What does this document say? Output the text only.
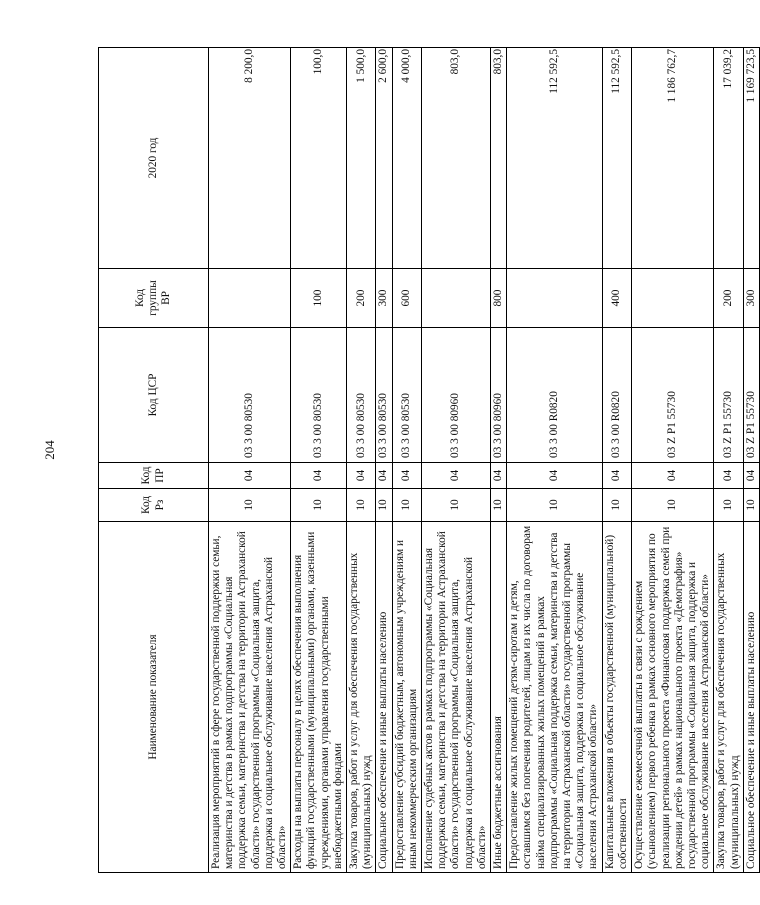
204
Наименование показателя	Код Рз	Код ПР	Код ЦСР	Код группы ВР	2020 год
Реализация мероприятий в сфере государственной поддержки семьи, материнства и детства в рамках подпрограммы «Социальная поддержка семьи, материнства и детства на территории Астраханской области» государственной программы «Социальная защита, поддержка и социальное обслуживание населения Астраханской области»	10	04	03 3 00 80530		8 200,0
Расходы на выплаты персоналу в целях обеспечения выполнения функций государственными (муниципальными) органами, казенными учреждениями, органами управления государственными внебюджетными фондами	10	04	03 3 00 80530	100	100,0
Закупка товаров, работ и услуг для обеспечения государственных (муниципальных) нужд	10	04	03 3 00 80530	200	1 500,0
Социальное обеспечение и иные выплаты населению	10	04	03 3 00 80530	300	2 600,0
Предоставление субсидий бюджетным, автономным учреждениям и иным некоммерческим организациям	10	04	03 3 00 80530	600	4 000,0
Исполнение судебных актов в рамках подпрограммы «Социальная поддержка семьи, материнства и детства на территории Астраханской области» государственной программы «Социальная защита, поддержка и социальное обслуживание населения Астраханской области»	10	04	03 3 00 80960		803,0
Иные бюджетные ассигнования	10	04	03 3 00 80960	800	803,0
Предоставление жилых помещений детям-сиротам и детям, оставшимся без попечения родителей, лицам из их числа по договорам найма специализированных жилых помещений в рамках подпрограммы «Социальная поддержка семьи, материнства и детства на территории Астраханской области» государственной программы «Социальная защита, поддержка и социальное обслуживание населения Астраханской области»	10	04	03 3 00 R0820		112 592,5
Капитальные вложения в объекты государственной (муниципальной) собственности	10	04	03 3 00 R0820	400	112 592,5
Осуществление ежемесячной выплаты в связи с рождением (усыновлением) первого ребенка в рамках основного мероприятия по реализации регионального проекта «Финансовая поддержка семей при рождении детей» в рамках национального проекта «Демография» государственной программы «Социальная защита, поддержка и социальное обслуживание населения Астраханской области»	10	04	03 Z P1 55730		1 186 762,7
Закупка товаров, работ и услуг для обеспечения государственных (муниципальных) нужд	10	04	03 Z P1 55730	200	17 039,2
Социальное обеспечение и иные выплаты населению	10	04	03 Z P1 55730	300	1 169 723,5
